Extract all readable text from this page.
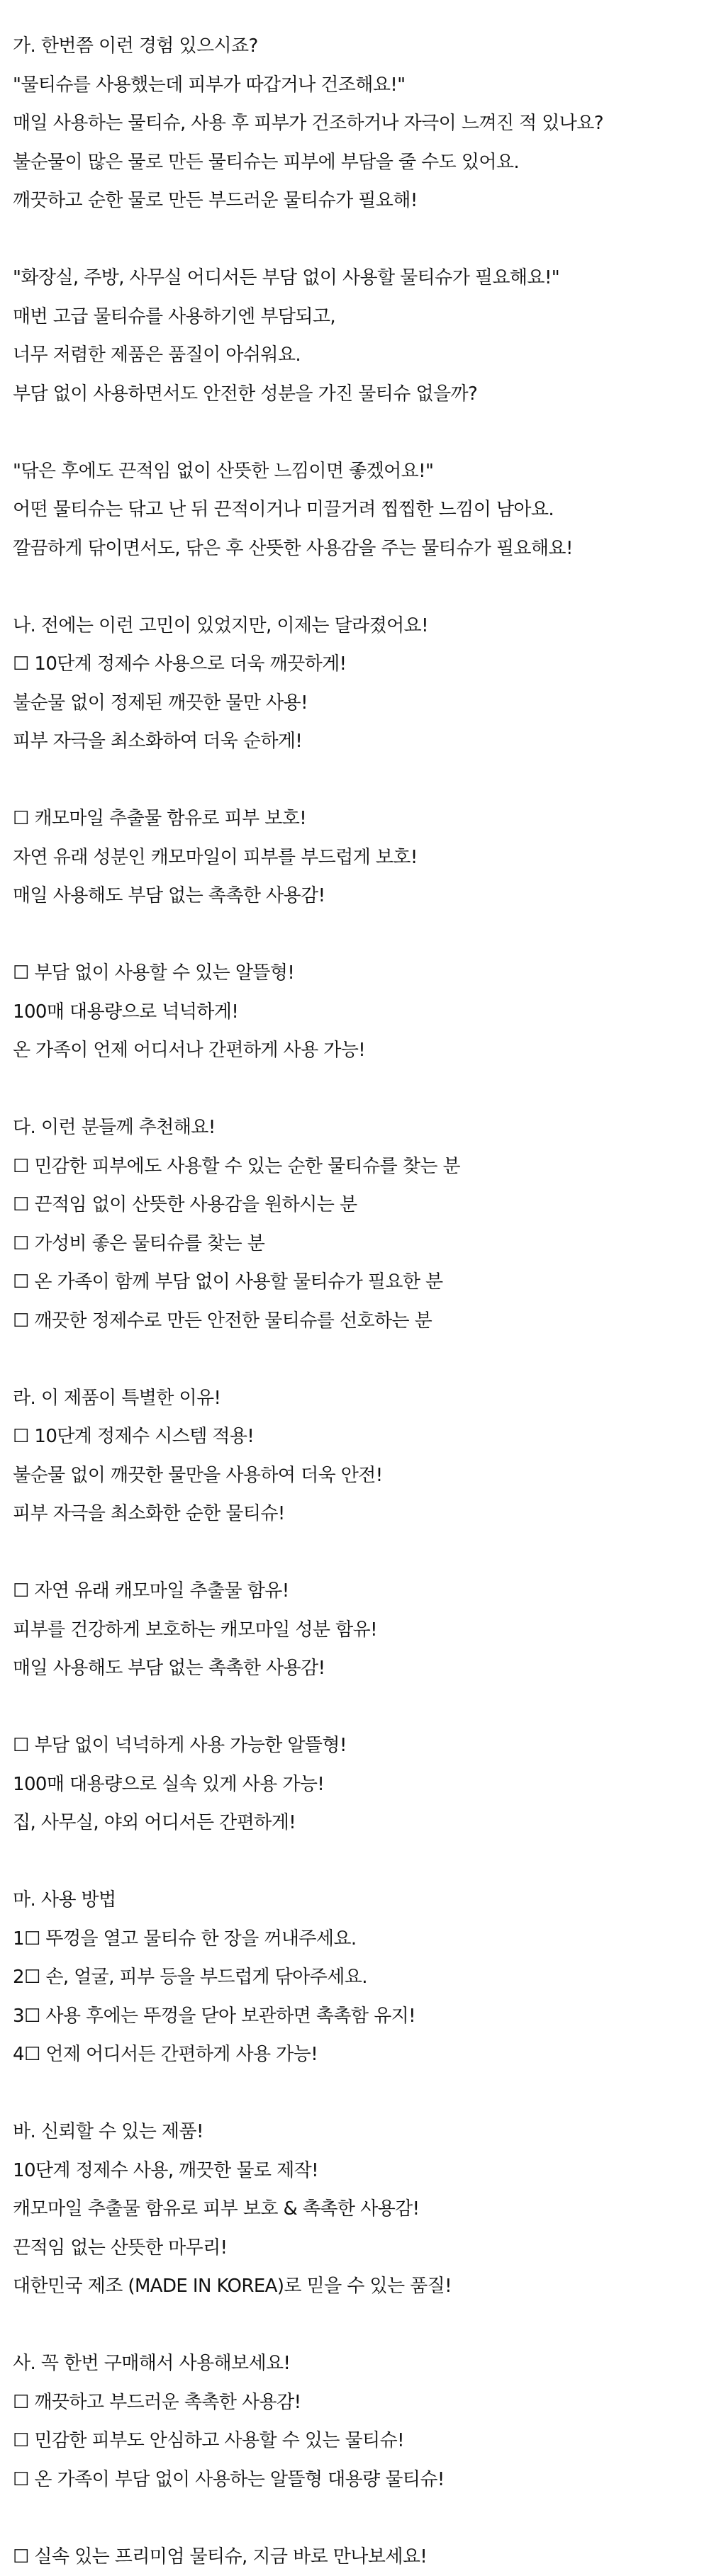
가. 한번쯤 이런 경험 있으시죠?
"물티슈를 사용했는데 피부가 따갑거나 건조해요!"
매일 사용하는 물티슈, 사용 후 피부가 건조하거나 자극이 느껴진 적 있나요?
불순물이 많은 물로 만든 물티슈는 피부에 부담을 줄 수도 있어요.
깨끗하고 순한 물로 만든 부드러운 물티슈가 필요해!
"화장실, 주방, 사무실 어디서든 부담 없이 사용할 물티슈가 필요해요!"
매번 고급 물티슈를 사용하기엔 부담되고,
너무 저렴한 제품은 품질이 아쉬워요.
부담 없이 사용하면서도 안전한 성분을 가진 물티슈 없을까?
"닦은 후에도 끈적임 없이 산뜻한 느낌이면 좋겠어요!"
어떤 물티슈는 닦고 난 뒤 끈적이거나 미끌거려 찝찝한 느낌이 남아요.
깔끔하게 닦이면서도, 닦은 후 산뜻한 사용감을 주는 물티슈가 필요해요!
나. 전에는 이런 고민이 있었지만, 이제는 달라졌어요!
☐ 10단계 정제수 사용으로 더욱 깨끗하게!
불순물 없이 정제된 깨끗한 물만 사용!
피부 자극을 최소화하여 더욱 순하게!
☐ 캐모마일 추출물 함유로 피부 보호!
자연 유래 성분인 캐모마일이 피부를 부드럽게 보호!
매일 사용해도 부담 없는 촉촉한 사용감!
☐ 부담 없이 사용할 수 있는 알뜰형!
100매 대용량으로 넉넉하게!
온 가족이 언제 어디서나 간편하게 사용 가능!
다. 이런 분들께 추천해요!
☐ 민감한 피부에도 사용할 수 있는 순한 물티슈를 찾는 분
☐ 끈적임 없이 산뜻한 사용감을 원하시는 분
☐ 가성비 좋은 물티슈를 찾는 분
☐ 온 가족이 함께 부담 없이 사용할 물티슈가 필요한 분
☐ 깨끗한 정제수로 만든 안전한 물티슈를 선호하는 분
라. 이 제품이 특별한 이유!
☐ 10단계 정제수 시스템 적용!
불순물 없이 깨끗한 물만을 사용하여 더욱 안전!
피부 자극을 최소화한 순한 물티슈!
☐ 자연 유래 캐모마일 추출물 함유!
피부를 건강하게 보호하는 캐모마일 성분 함유!
매일 사용해도 부담 없는 촉촉한 사용감!
☐ 부담 없이 넉넉하게 사용 가능한 알뜰형!
100매 대용량으로 실속 있게 사용 가능!
집, 사무실, 야외 어디서든 간편하게!
마. 사용 방법
1☐ 뚜껑을 열고 물티슈 한 장을 꺼내주세요.
2☐ 손, 얼굴, 피부 등을 부드럽게 닦아주세요.
3☐ 사용 후에는 뚜껑을 닫아 보관하면 촉촉함 유지!
4☐ 언제 어디서든 간편하게 사용 가능!
바. 신뢰할 수 있는 제품!
10단계 정제수 사용, 깨끗한 물로 제작!
캐모마일 추출물 함유로 피부 보호 & 촉촉한 사용감!
끈적임 없는 산뜻한 마무리!
대한민국 제조 (MADE IN KOREA)로 믿을 수 있는 품질!
사. 꼭 한번 구매해서 사용해보세요!
☐ 깨끗하고 부드러운 촉촉한 사용감!
☐ 민감한 피부도 안심하고 사용할 수 있는 물티슈!
☐ 온 가족이 부담 없이 사용하는 알뜰형 대용량 물티슈!
☐ 실속 있는 프리미엄 물티슈, 지금 바로 만나보세요!
